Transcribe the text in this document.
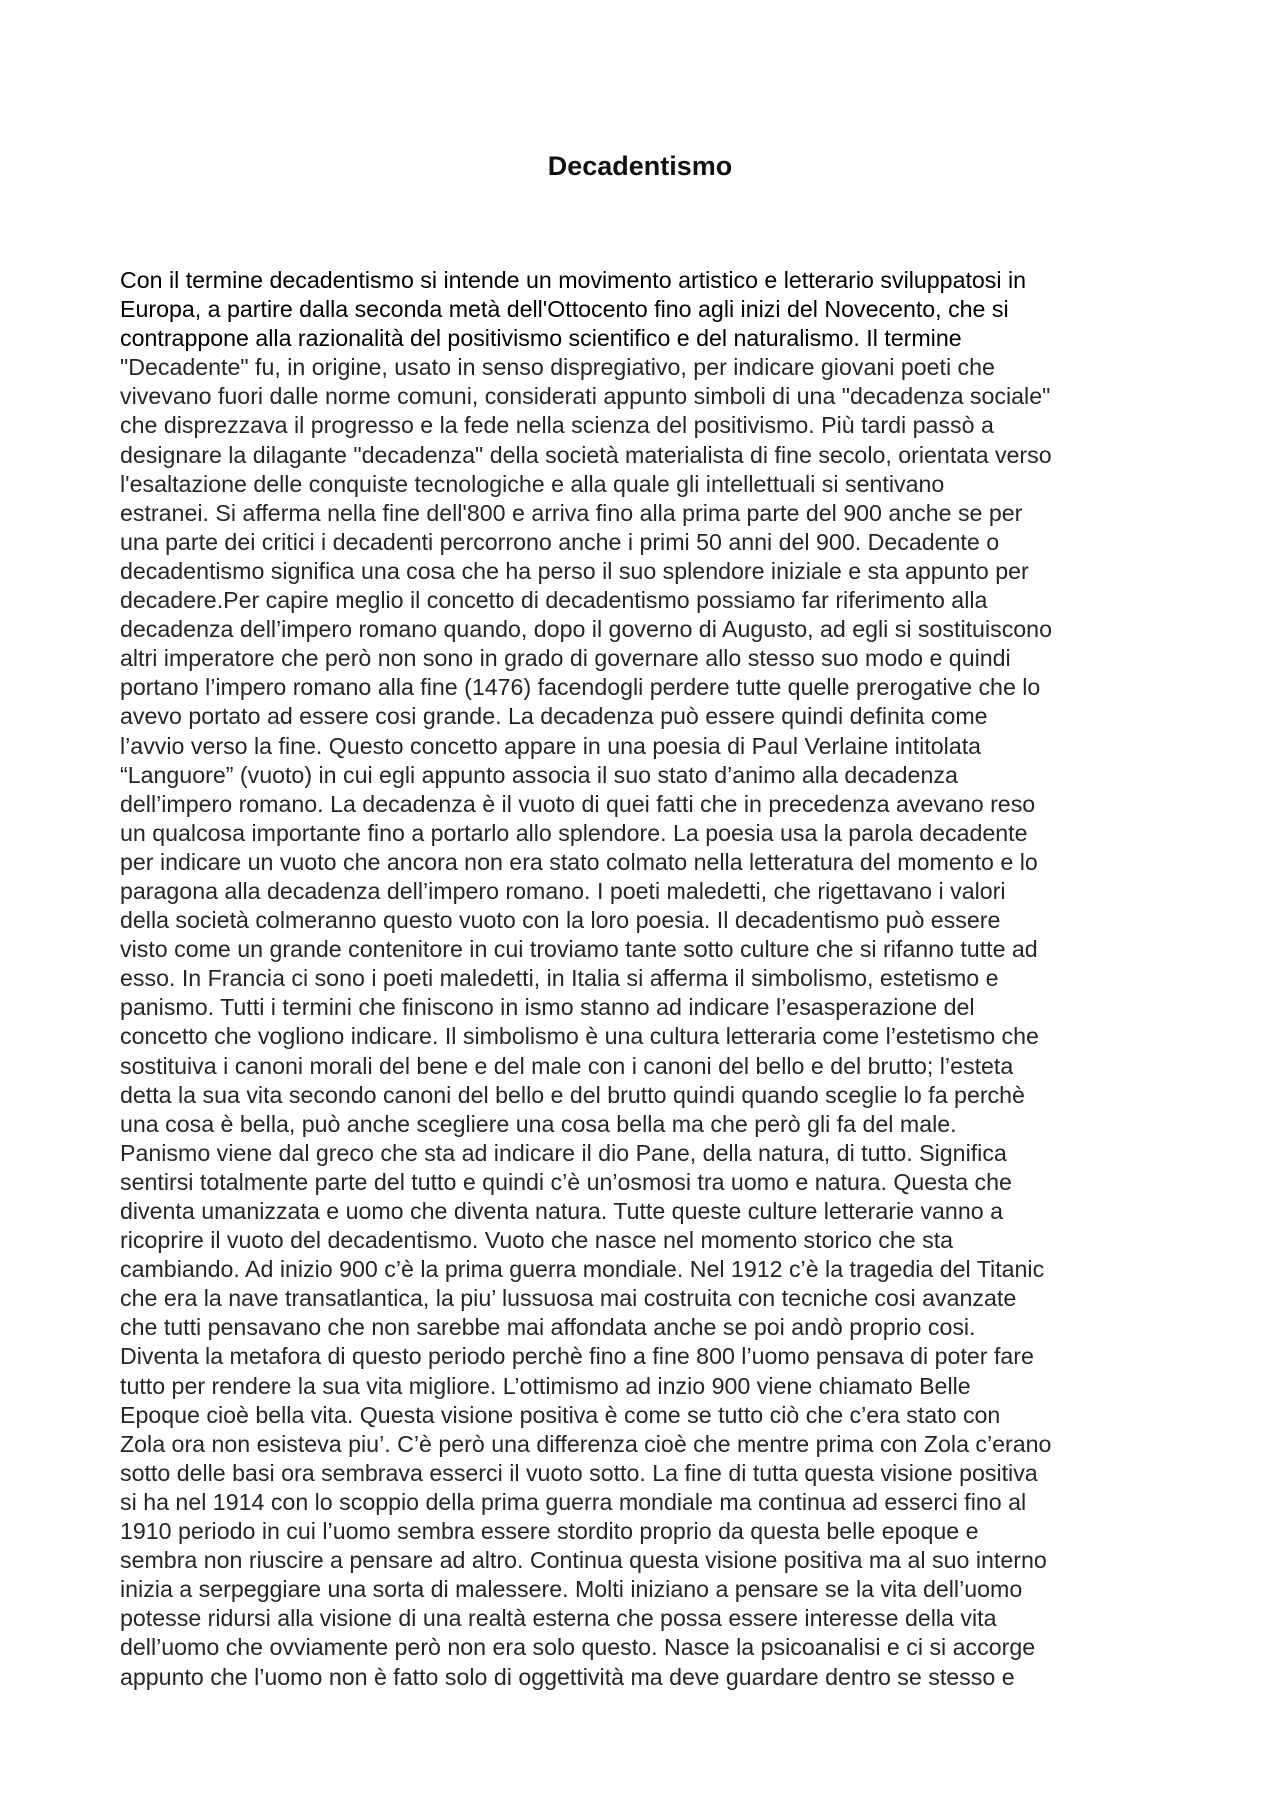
Decadentismo
Con il termine decadentismo si intende un movimento artistico e letterario sviluppatosi in
Europa, a partire dalla seconda metà dell'Ottocento fino agli inizi del Novecento, che si
contrappone alla razionalità del positivismo scientifico e del naturalismo. Il termine
"Decadente" fu, in origine, usato in senso dispregiativo, per indicare giovani poeti che
vivevano fuori dalle norme comuni, considerati appunto simboli di una "decadenza sociale"
che disprezzava il progresso e la fede nella scienza del positivismo. Più tardi passò a
designare la dilagante "decadenza" della società materialista di fine secolo, orientata verso
l'esaltazione delle conquiste tecnologiche e alla quale gli intellettuali si sentivano
estranei. Si afferma nella fine dell'800 e arriva fino alla prima parte del 900 anche se per
una parte dei critici i decadenti percorrono anche i primi 50 anni del 900. Decadente o
decadentismo significa una cosa che ha perso il suo splendore iniziale e sta appunto per
decadere.Per capire meglio il concetto di decadentismo possiamo far riferimento alla
decadenza dell’impero romano quando, dopo il governo di Augusto, ad egli si sostituiscono
altri imperatore che però non sono in grado di governare allo stesso suo modo e quindi
portano l’impero romano alla fine (1476) facendogli perdere tutte quelle prerogative che lo
avevo portato ad essere cosi grande. La decadenza può essere quindi definita come
l’avvio verso la fine. Questo concetto appare in una poesia di Paul Verlaine intitolata
“Languore” (vuoto) in cui egli appunto associa il suo stato d’animo alla decadenza
dell’impero romano. La decadenza è il vuoto di quei fatti che in precedenza avevano reso
un qualcosa importante fino a portarlo allo splendore. La poesia usa la parola decadente
per indicare un vuoto che ancora non era stato colmato nella letteratura del momento e lo
paragona alla decadenza dell’impero romano. I poeti maledetti, che rigettavano i valori
della società colmeranno questo vuoto con la loro poesia. Il decadentismo può essere
visto come un grande contenitore in cui troviamo tante sotto culture che si rifanno tutte ad
esso. In Francia ci sono i poeti maledetti, in Italia si afferma il simbolismo, estetismo e
panismo. Tutti i termini che finiscono in ismo stanno ad indicare l’esasperazione del
concetto che vogliono indicare. Il simbolismo è una cultura letteraria come l’estetismo che
sostituiva i canoni morali del bene e del male con i canoni del bello e del brutto; l’esteta
detta la sua vita secondo canoni del bello e del brutto quindi quando sceglie lo fa perchè
una cosa è bella, può anche scegliere una cosa bella ma che però gli fa del male.
Panismo viene dal greco che sta ad indicare il dio Pane, della natura, di tutto. Significa
sentirsi totalmente parte del tutto e quindi c’è un’osmosi tra uomo e natura. Questa che
diventa umanizzata e uomo che diventa natura. Tutte queste culture letterarie vanno a
ricoprire il vuoto del decadentismo. Vuoto che nasce nel momento storico che sta
cambiando. Ad inizio 900 c’è la prima guerra mondiale. Nel 1912 c’è la tragedia del Titanic
che era la nave transatlantica, la piu’ lussuosa mai costruita con tecniche cosi avanzate
che tutti pensavano che non sarebbe mai affondata anche se poi andò proprio cosi.
Diventa la metafora di questo periodo perchè fino a fine 800 l’uomo pensava di poter fare
tutto per rendere la sua vita migliore. L’ottimismo ad inzio 900 viene chiamato Belle
Epoque cioè bella vita. Questa visione positiva è come se tutto ciò che c’era stato con
Zola ora non esisteva piu’. C’è però una differenza cioè che mentre prima con Zola c’erano
sotto delle basi ora sembrava esserci il vuoto sotto. La fine di tutta questa visione positiva
si ha nel 1914 con lo scoppio della prima guerra mondiale ma continua ad esserci fino al
1910 periodo in cui l’uomo sembra essere stordito proprio da questa belle epoque e
sembra non riuscire a pensare ad altro. Continua questa visione positiva ma al suo interno
inizia a serpeggiare una sorta di malessere. Molti iniziano a pensare se la vita dell’uomo
potesse ridursi alla visione di una realtà esterna che possa essere interesse della vita
dell’uomo che ovviamente però non era solo questo. Nasce la psicoanalisi e ci si accorge
appunto che l’uomo non è fatto solo di oggettività ma deve guardare dentro se stesso e
